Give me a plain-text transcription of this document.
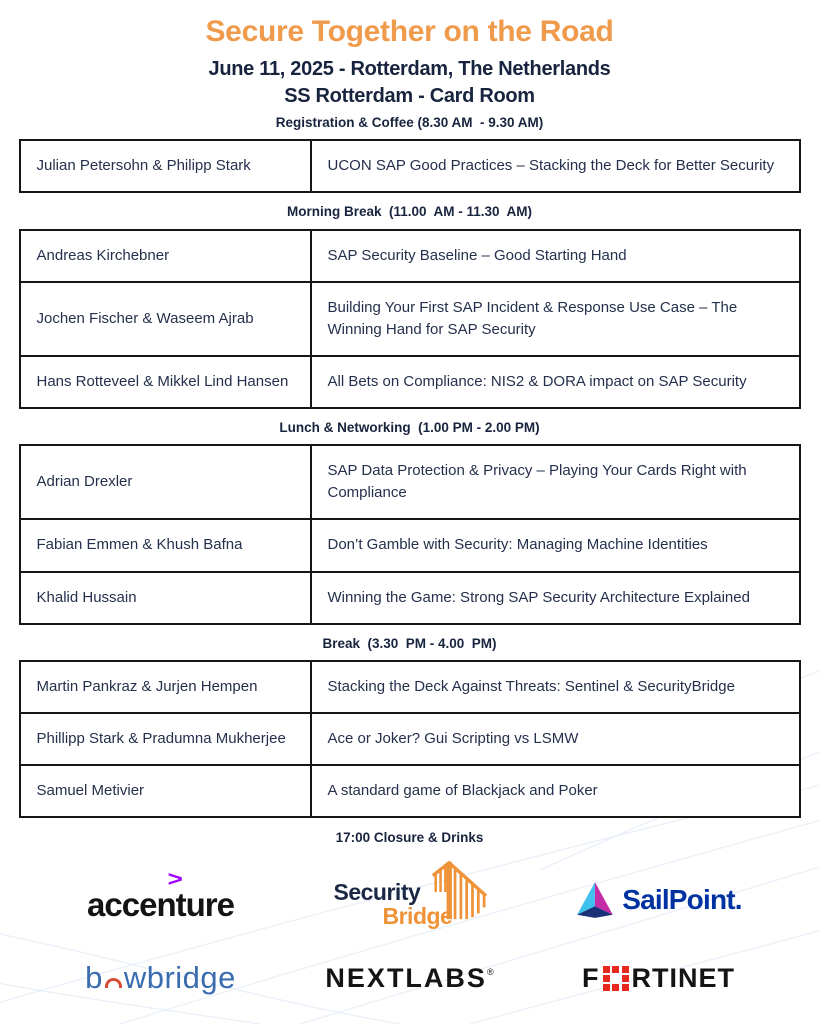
Secure Together on the Road
June 11, 2025 - Rotterdam, The Netherlands
SS Rotterdam - Card Room
Registration & Coffee (8.30 AM  - 9.30 AM)
Julian Petersohn & Philipp Stark	UCON SAP Good Practices – Stacking the Deck for Better Security
Morning Break  (11.00  AM - 11.30  AM)
Andreas Kirchebner	SAP Security Baseline – Good Starting Hand
Jochen Fischer & Waseem Ajrab	Building Your First SAP Incident & Response Use Case – The Winning Hand for SAP Security
Hans Rotteveel & Mikkel Lind Hansen	All Bets on Compliance: NIS2 & DORA impact on SAP Security
Lunch & Networking  (1.00 PM - 2.00 PM)
Adrian Drexler	SAP Data Protection & Privacy – Playing Your Cards Right with Compliance
Fabian Emmen & Khush Bafna	Don’t Gamble with Security: Managing Machine Identities
Khalid Hussain	Winning the Game: Strong SAP Security Architecture Explained
Break  (3.30  PM - 4.00  PM)
Martin Pankraz & Jurjen Hempen	Stacking the Deck Against Threats: Sentinel & SecurityBridge
Phillipp Stark & Pradumna Mukherjee	Ace or Joker? Gui Scripting vs LSMW
Samuel Metivier	A standard game of Blackjack and Poker
17:00 Closure & Drinks
>
accenture	Security
Bridge
SailPoint.
b wbridge	NEXTLABS ®	F RTINET
